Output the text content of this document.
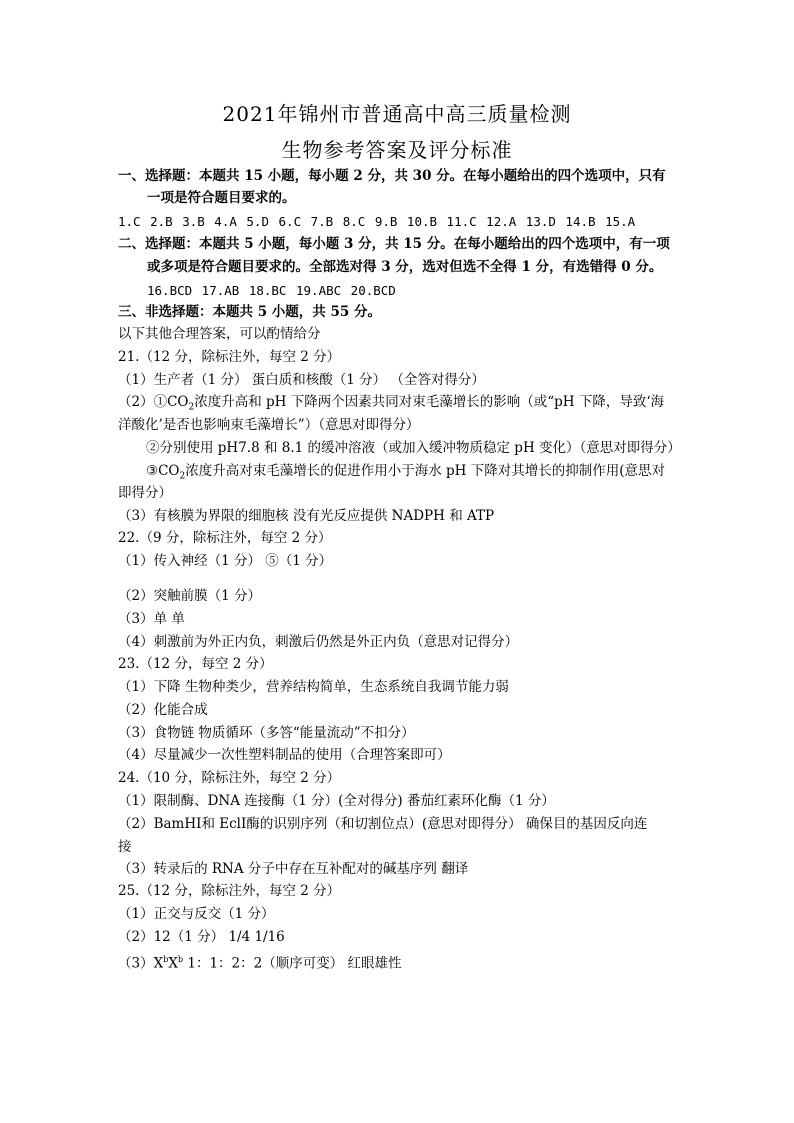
2021年锦州市普通高中高三质量检测
生物参考答案及评分标准
一、选择题：本题共 15 小题，每小题 2 分，共 30 分。在每小题给出的四个选项中，只有
一项是符合题目要求的。
1.C 2.B 3.B 4.A 5.D 6.C 7.B 8.C 9.B 10.B 11.C 12.A 13.D 14.B 15.A
二、选择题：本题共 5 小题，每小题 3 分，共 15 分。在每小题给出的四个选项中，有一项
或多项是符合题目要求的。全部选对得 3 分，选对但选不全得 1 分，有选错得 0 分。
16.BCD 17.AB 18.BC 19.ABC 20.BCD
三、非选择题：本题共 5 小题，共 55 分。
以下其他合理答案，可以酌情给分
21.（12 分，除标注外，每空 2 分）
（1）生产者（1 分） 蛋白质和核酸（1 分） （全答对得分）
$(2)①CO_2$浓度升高和 pH 下降两个因素共同对束毛藻增长的影响（或“pH 下降，导致‘海
洋酸化’是否也影响束毛藻增长”）（意思对即得分）
②分别使用 pH7.8 和 8.1 的缓冲溶液（或加入缓冲物质稳定 pH 变化）（意思对即得分）
$③CO_2$浓度升高对束毛藻增长的促进作用小于海水 pH 下降对其增长的抑制作用(意思对
即得分）
（3）有核膜为界限的细胞核 没有光反应提供 NADPH 和 ATP
22.（9 分，除标注外，每空 2 分）
（1）传入神经（1 分） ⑤（1 分）
（2）突触前膜（1 分）
（3）单 单
（4）刺激前为外正内负，刺激后仍然是外正内负（意思对记得分）
23.（12 分，每空 2 分）
（1）下降 生物种类少，营养结构简单，生态系统自我调节能力弱
（2）化能合成
（3）食物链 物质循环（多答“能量流动”不扣分）
（4）尽量减少一次性塑料制品的使用（合理答案即可）
24.（10 分，除标注外，每空 2 分）
（1）限制酶、DNA 连接酶（1 分）(全对得分) 番茄红素环化酶（1 分）
（2）BamHⅠ和 EclⅠ酶的识别序列（和切割位点）(意思对即得分） 确保目的基因反向连
接
（3）转录后的 RNA 分子中存在互补配对的碱基序列 翻译
25.（12 分，除标注外，每空 2 分）
（1）正交与反交（1 分）
（2）12（1 分） 1/4 1/16
$(3)X^bX^b$ 1：1：2：2（顺序可变） 红眼雄性
